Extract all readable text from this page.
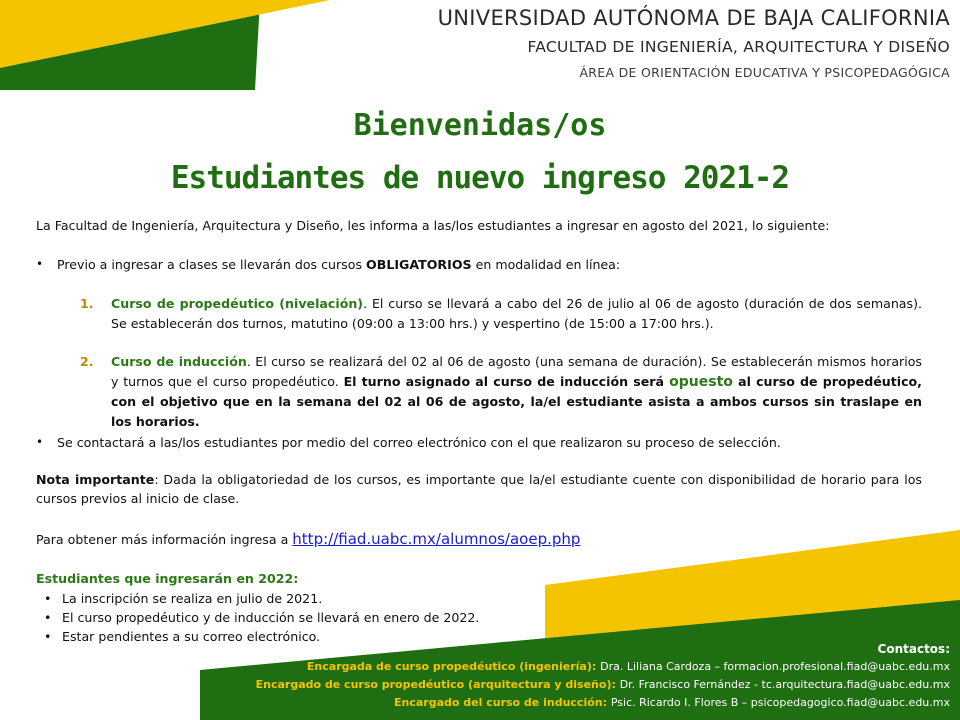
UNIVERSIDAD AUTÓNOMA DE BAJA CALIFORNIA
FACULTAD DE INGENIERÍA, ARQUITECTURA Y DISEÑO
ÁREA DE ORIENTACIÓN EDUCATIVA Y PSICOPEDAGÓGICA
Bienvenidas/os
Estudiantes de nuevo ingreso 2021-2
La Facultad de Ingeniería, Arquitectura y Diseño, les informa a las/los estudiantes a ingresar en agosto del 2021, lo siguiente:
•	Previo a ingresar a clases se llevarán dos cursos OBLIGATORIOS en modalidad en línea:
1.	Curso de propedéutico (nivelación). El curso se llevará a cabo del 26 de julio al 06 de agosto (duración de dos semanas). Se establecerán dos turnos, matutino (09:00 a 13:00 hrs.) y vespertino (de 15:00 a 17:00 hrs.).
2.	Curso de inducción. El curso se realizará del 02 al 06 de agosto (una semana de duración). Se establecerán mismos horarios y turnos que el curso propedéutico. El turno asignado al curso de inducción será opuesto al curso de propedéutico, con el objetivo que en la semana del 02 al 06 de agosto, la/el estudiante asista a ambos cursos sin traslape en los horarios.
•	Se contactará a las/los estudiantes por medio del correo electrónico con el que realizaron su proceso de selección.
Nota importante: Dada la obligatoriedad de los cursos, es importante que la/el estudiante cuente con disponibilidad de horario para los cursos previos al inicio de clase.
Para obtener más información ingresa a http://fiad.uabc.mx/alumnos/aoep.php
Estudiantes que ingresarán en 2022:
• La inscripción se realiza en julio de 2021.
• El curso propedéutico y de inducción se llevará en enero de 2022.
• Estar pendientes a su correo electrónico.
Contactos:
Encargada de curso propedéutico (ingeniería): Dra. Liliana Cardoza – formacion.profesional.fiad@uabc.edu.mx
Encargado de curso propedéutico (arquitectura y diseño): Dr. Francisco Fernández - tc.arquitectura.fiad@uabc.edu.mx
Encargado del curso de inducción: Psic. Ricardo I. Flores B – psicopedagogico.fiad@uabc.edu.mx
